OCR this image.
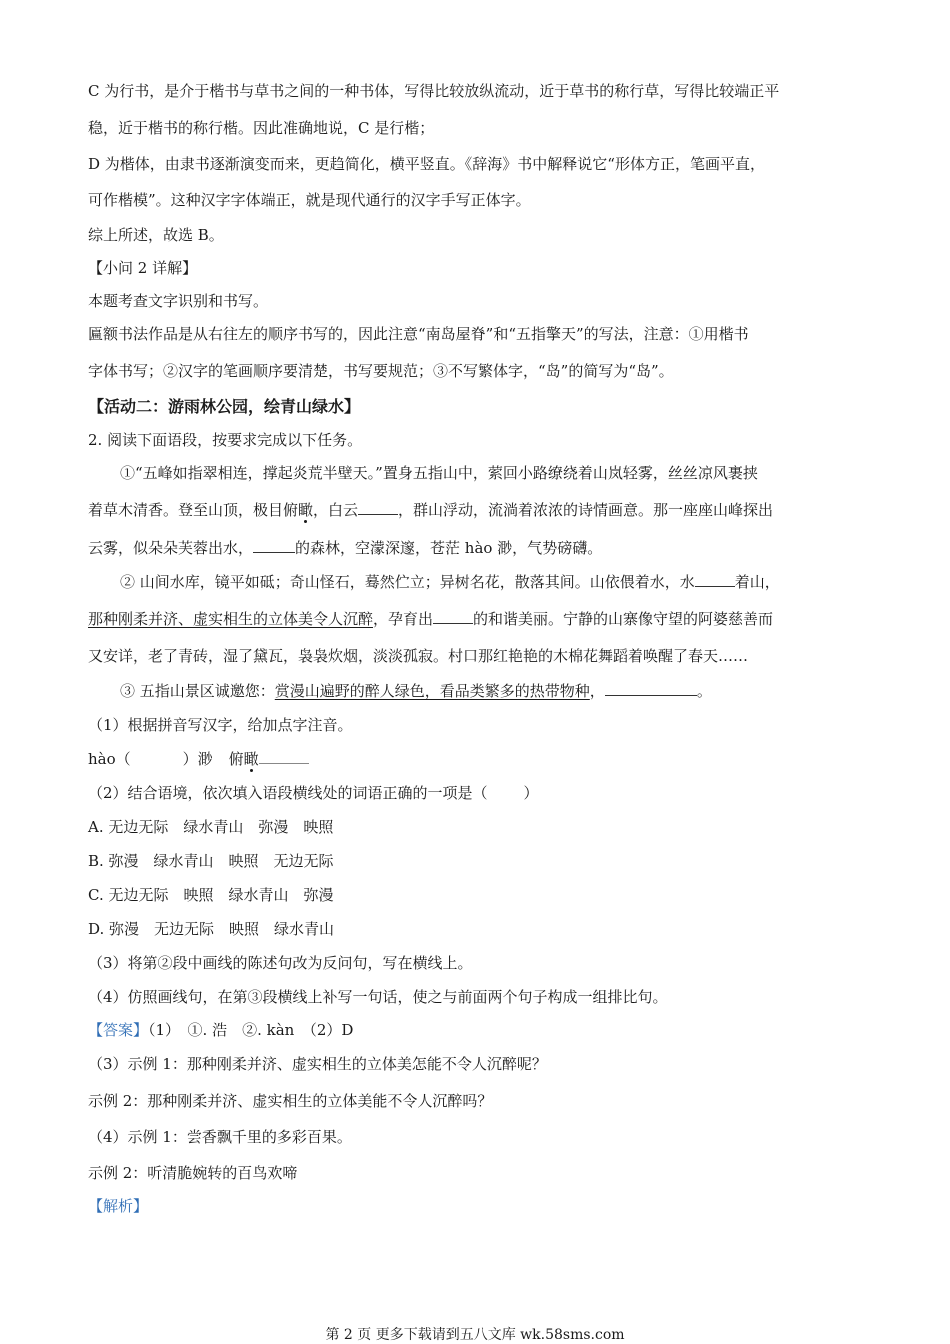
C 为行书，是介于楷书与草书之间的一种书体，写得比较放纵流动，近于草书的称行草，写得比较端正平
稳，近于楷书的称行楷。因此准确地说，C 是行楷；
D 为楷体，由隶书逐渐演变而来，更趋简化，横平竖直。《辞海》书中解释说它“形体方正，笔画平直，
可作楷模”。这种汉字字体端正，就是现代通行的汉字手写正体字。
综上所述，故选 B。
【小问 2 详解】
本题考查文字识别和书写。
匾额书法作品是从右往左的顺序书写的，因此注意“南岛屋脊”和“五指擎天”的写法，注意：①用楷书
字体书写；②汉字的笔画顺序要清楚，书写要规范；③不写繁体字，“岛”的简写为“岛”。
【活动二：游雨林公园，绘青山绿水】
2. 阅读下面语段，按要求完成以下任务。
①“五峰如指翠相连，撑起炎荒半壁天。”置身五指山中，萦回小路缭绕着山岚轻雾，丝丝凉风裹挟
着草木清香。登至山顶，极目俯瞰，白云	，群山浮动，流淌着浓浓的诗情画意。那一座座山峰探出
云雾，似朵朵芙蓉出水，	的森林，空濛深邃，苍茫 hào 渺，气势磅礴。
② 山间水库，镜平如砥；奇山怪石，蓦然伫立；异树名花，散落其间。山依偎着水，水	着山，
那种刚柔并济、虚实相生的立体美令人沉醉，孕育出	的和谐美丽。宁静的山寨像守望的阿婆慈善而
又安详，老了青砖，湿了黛瓦，袅袅炊烟，淡淡孤寂。村口那红艳艳的木棉花舞蹈着唤醒了春天……
③ 五指山景区诚邀您：赏漫山遍野的醉人绿色，看品类繁多的热带物种，	。
（1）根据拼音写汉字，给加点字注音。
hào（	）渺 俯瞰
（2）结合语境，依次填入语段横线处的词语正确的一项是（ ）
A. 无边无际　绿水青山　弥漫　映照
B. 弥漫　绿水青山　映照　无边无际
C. 无边无际　映照　绿水青山　弥漫
D. 弥漫　无边无际　映照　绿水青山
（3）将第②段中画线的陈述句改为反问句，写在横线上。
（4）仿照画线句，在第③段横线上补写一句话，使之与前面两个句子构成一组排比句。
【答案】（1）　①. 浩　②. kàn　（2）D
（3）示例 1：那种刚柔并济、虚实相生的立体美怎能不令人沉醉呢？
示例 2：那种刚柔并济、虚实相生的立体美能不令人沉醉吗？
（4）示例 1：尝香飘千里的多彩百果。
示例 2：听清脆婉转的百鸟欢啼
【解析】
第 2 页 更多下载请到五八文库 wk.58sms.com
